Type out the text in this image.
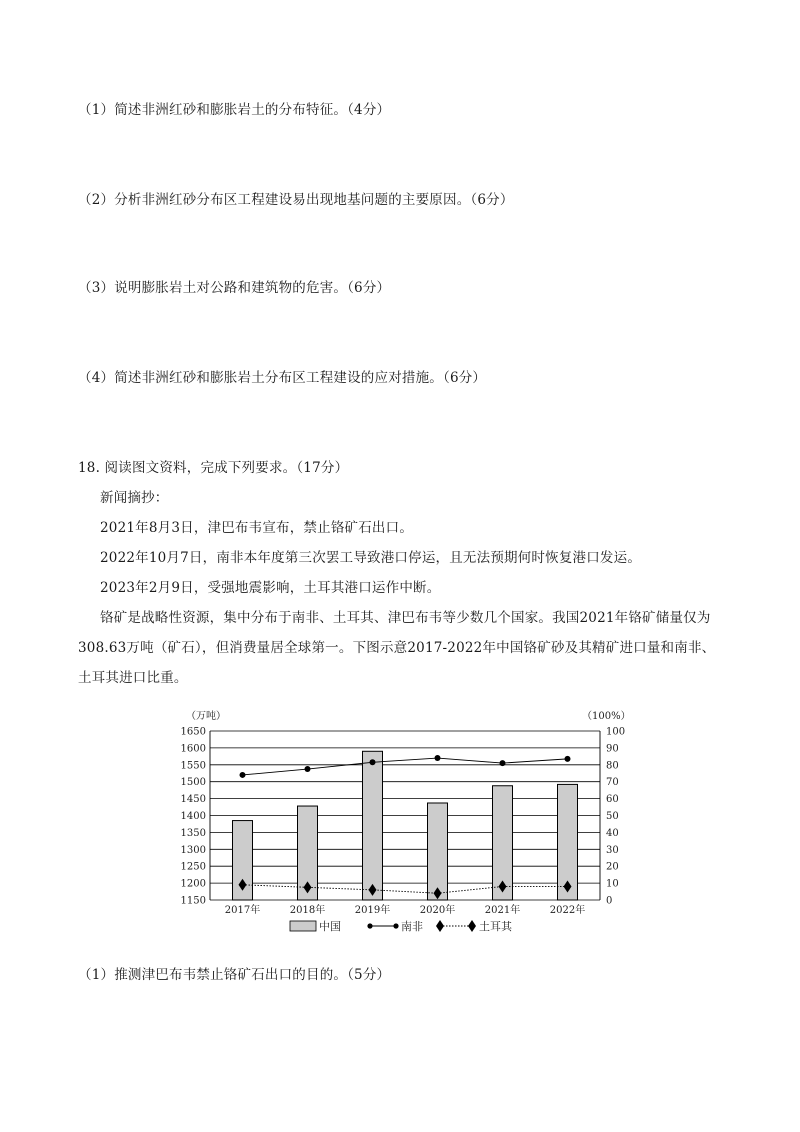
（1）简述非洲红砂和膨胀岩土的分布特征。（4分）
（2）分析非洲红砂分布区工程建设易出现地基问题的主要原因。（6分）
（3）说明膨胀岩土对公路和建筑物的危害。（6分）
（4）简述非洲红砂和膨胀岩土分布区工程建设的应对措施。（6分）
18. 阅读图文资料，完成下列要求。（17分）
新闻摘抄：
2021年8月3日，津巴布韦宣布，禁止铬矿石出口。
2022年10月7日，南非本年度第三次罢工导致港口停运，且无法预期何时恢复港口发运。
2023年2月9日，受强地震影响，土耳其港口运作中断。
铬矿是战略性资源，集中分布于南非、土耳其、津巴布韦等少数几个国家。我国2021年铬矿储量仅为
308.63万吨（矿石），但消费量居全球第一。下图示意2017-2022年中国铬矿砂及其精矿进口量和南非、
土耳其进口比重。
1150
1200
1250
1300
1350
1400
1450
1500
1550
1600
1650
0
10
20
30
40
50
60
70
80
90
100
（万吨）	（100%）
2017年	2018年	2019年	2020年	2021年	2022年
中国	南非	土耳其
（1）推测津巴布韦禁止铬矿石出口的目的。（5分）
